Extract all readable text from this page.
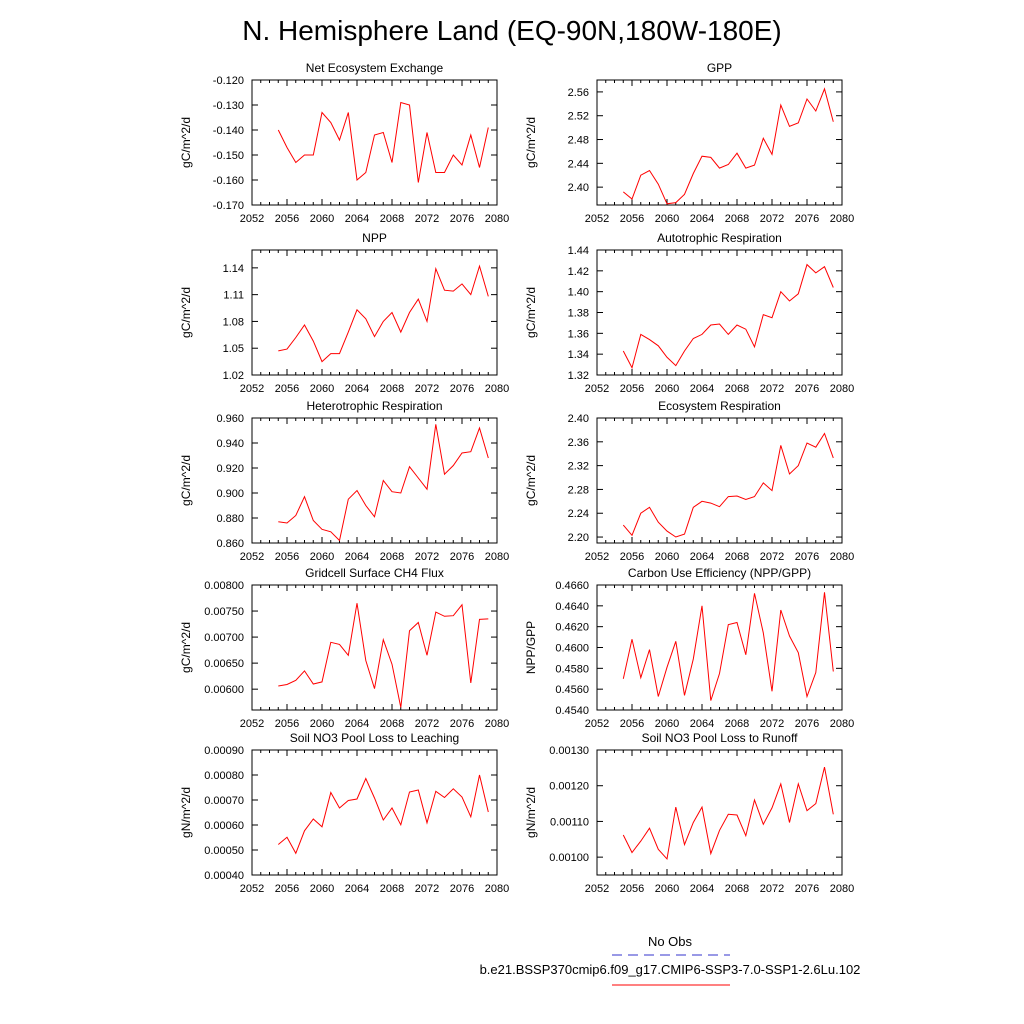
N. Hemisphere Land (EQ-90N,180W-180E)
Net Ecosystem Exchange
2052 2056 2060 2064 2068 2072 2076 2080
-0.170
-0.160
-0.150
-0.140
-0.130
-0.120
gC/m^2/d
GPP
2052 2056 2060 2064 2068 2072 2076 2080
2.40
2.44
2.48
2.52
2.56
gC/m^2/d
NPP
2052 2056 2060 2064 2068 2072 2076 2080
1.02
1.05
1.08
1.11
1.14
gC/m^2/d
Autotrophic Respiration
2052 2056 2060 2064 2068 2072 2076 2080
1.32
1.34
1.36
1.38
1.40
1.42
1.44
gC/m^2/d
Heterotrophic Respiration
2052 2056 2060 2064 2068 2072 2076 2080
0.860
0.880
0.900
0.920
0.940
0.960
gC/m^2/d
Ecosystem Respiration
2052 2056 2060 2064 2068 2072 2076 2080
2.20
2.24
2.28
2.32
2.36
2.40
gC/m^2/d
Gridcell Surface CH4 Flux
2052 2056 2060 2064 2068 2072 2076 2080
0.00600
0.00650
0.00700
0.00750
0.00800
gC/m^2/d
Carbon Use Efficiency (NPP/GPP)
2052 2056 2060 2064 2068 2072 2076 2080
0.4540
0.4560
0.4580
0.4600
0.4620
0.4640
0.4660
NPP/GPP
Soil NO3 Pool Loss to Leaching
2052 2056 2060 2064 2068 2072 2076 2080
0.00040
0.00050
0.00060
0.00070
0.00080
0.00090
gN/m^2/d
Soil NO3 Pool Loss to Runoff
2052 2056 2060 2064 2068 2072 2076 2080
0.00100
0.00110
0.00120
0.00130
gN/m^2/d
No Obs
b.e21.BSSP370cmip6.f09_g17.CMIP6-SSP3-7.0-SSP1-2.6Lu.102
